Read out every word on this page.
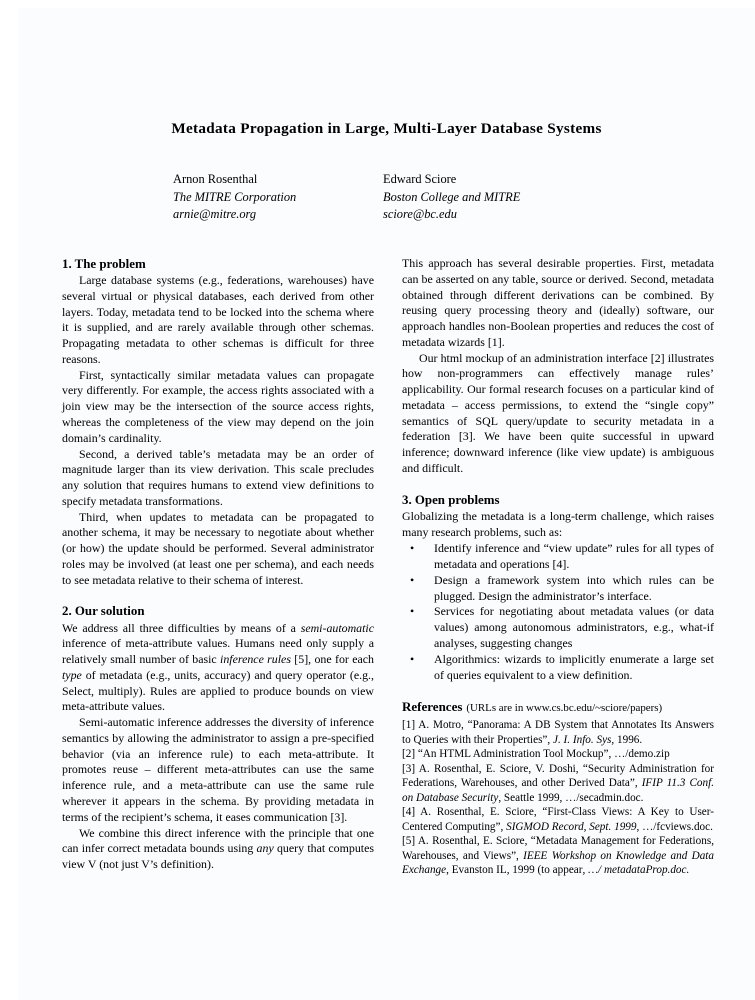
Metadata Propagation in Large, Multi-Layer Database Systems
Arnon Rosenthal
The MITRE Corporation
arnie@mitre.org
Edward Sciore
Boston College and MITRE
sciore@bc.edu
1. The problem

Large database systems (e.g., federations, warehouses) have several virtual or physical databases, each derived from other layers. Today, metadata tend to be locked into the schema where it is supplied, and are rarely available through other schemas. Propagating metadata to other schemas is difficult for three reasons.

First, syntactically similar metadata values can propagate very differently. For example, the access rights associated with a join view may be the intersection of the source access rights, whereas the completeness of the view may depend on the join domain’s cardinality.

Second, a derived table’s metadata may be an order of magnitude larger than its view derivation. This scale precludes any solution that requires humans to extend view definitions to specify metadata transformations.

Third, when updates to metadata can be propagated to another schema, it may be necessary to negotiate about whether (or how) the update should be performed. Several administrator roles may be involved (at least one per schema), and each needs to see metadata relative to their schema of interest.

2. Our solution

We address all three difficulties by means of a semi-automatic inference of meta-attribute values. Humans need only supply a relatively small number of basic inference rules [5], one for each type of metadata (e.g., units, accuracy) and query operator (e.g., Select, multiply). Rules are applied to produce bounds on view meta-attribute values.

Semi-automatic inference addresses the diversity of inference semantics by allowing the administrator to assign a pre-specified behavior (via an inference rule) to each meta-attribute. It promotes reuse – different meta-attributes can use the same inference rule, and a meta-attribute can use the same rule wherever it appears in the schema. By providing metadata in terms of the recipient’s schema, it eases communication [3].

We combine this direct inference with the principle that one can infer correct metadata bounds using any query that computes view V (not just V’s definition).

This approach has several desirable properties. First, metadata can be asserted on any table, source or derived. Second, metadata obtained through different derivations can be combined. By reusing query processing theory and (ideally) software, our approach handles non-Boolean properties and reduces the cost of metadata wizards [1].

Our html mockup of an administration interface [2] illustrates how non-programmers can effectively manage rules’ applicability. Our formal research focuses on a particular kind of metadata – access permissions, to extend the “single copy” semantics of SQL query/update to security metadata in a federation [3]. We have been quite successful in upward inference; downward inference (like view update) is ambiguous and difficult.

3. Open problems

Globalizing the metadata is a long-term challenge, which raises many research problems, such as:

• Identify inference and “view update” rules for all types of metadata and operations [4].
• Design a framework system into which rules can be plugged. Design the administrator’s interface.
• Services for negotiating about metadata values (or data values) among autonomous administrators, e.g., what-if analyses, suggesting changes
• Algorithmics: wizards to implicitly enumerate a large set of queries equivalent to a view definition.
References (URLs are in www.cs.bc.edu/~sciore/papers)

[1] A. Motro, “Panorama: A DB System that Annotates Its Answers to Queries with their Properties”, J. I. Info. Sys, 1996.

[2] “An HTML Administration Tool Mockup”, …/demo.zip

[3] A. Rosenthal, E. Sciore, V. Doshi, “Security Administration for Federations, Warehouses, and other Derived Data”, IFIP 11.3 Conf. on Database Security, Seattle 1999, …/secadmin.doc.

[4] A. Rosenthal, E. Sciore, “First-Class Views: A Key to User-Centered Computing”, SIGMOD Record, Sept. 1999, …/fcviews.doc.

[5] A. Rosenthal, E. Sciore, “Metadata Management for Federations, Warehouses, and Views”, IEEE Workshop on Knowledge and Data Exchange, Evanston IL, 1999 (to appear, …/ metadataProp.doc.
